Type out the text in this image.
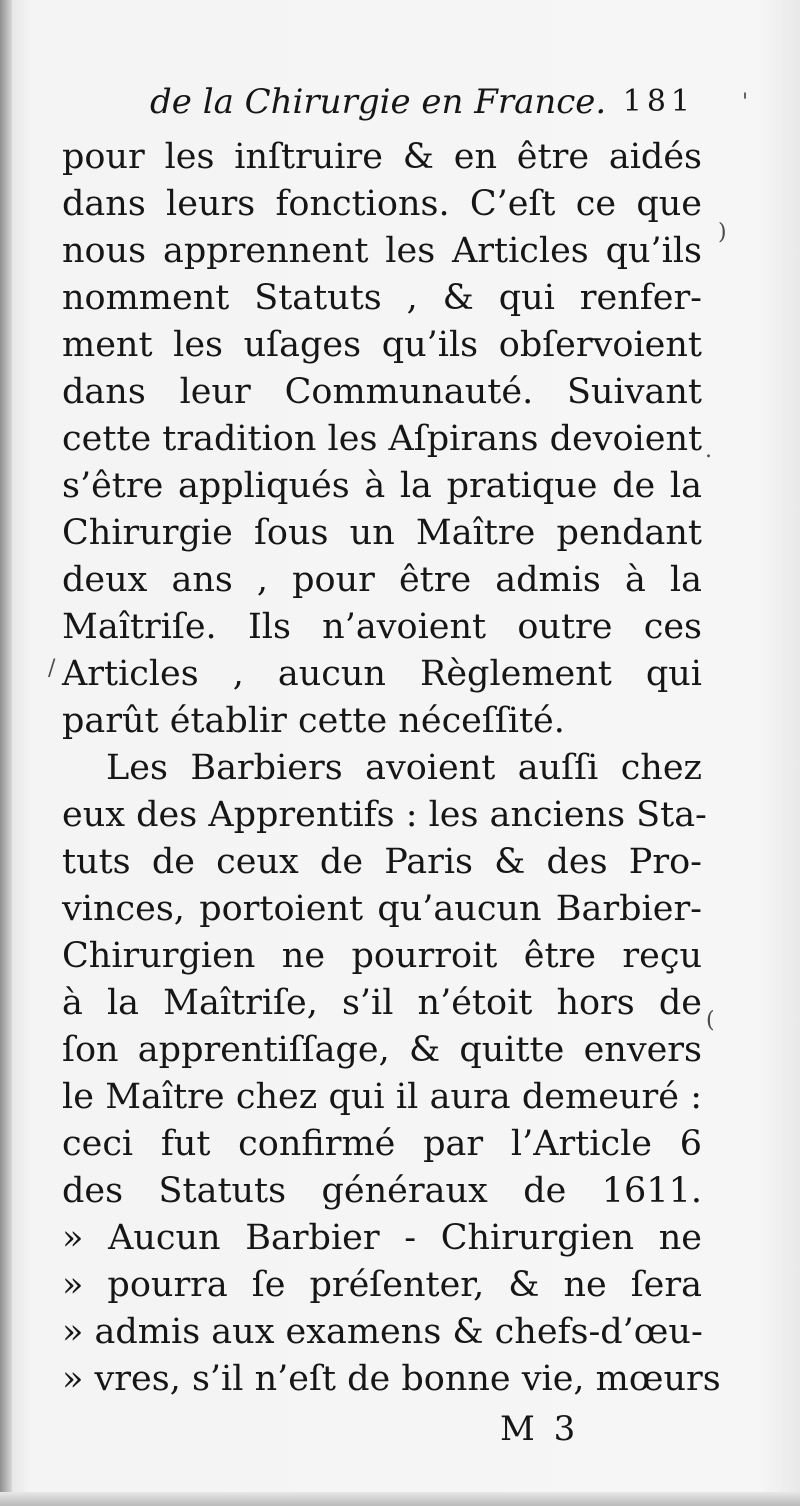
de la Chirurgie en France. 181
pour les inſtruire & en être aidés
dans leurs fonctions. C’eſt ce que
nous apprennent les Articles qu’ils
nomment Statuts , & qui renfer-
ment les uſages qu’ils obſervoient
dans leur Communauté. Suivant
cette tradition les Aſpirans devoient
s’être appliqués à la pratique de la
Chirurgie ſous un Maître pendant
deux ans , pour être admis à la
Maîtriſe. Ils n’avoient outre ces
Articles , aucun Règlement qui
parût établir cette néceſſité.
Les Barbiers avoient auſſi chez
eux des Apprentifs : les anciens Sta-
tuts de ceux de Paris & des Pro-
vinces, portoient qu’aucun Barbier-
Chirurgien ne pourroit être reçu
à la Maîtriſe, s’il n’étoit hors de
ſon apprentiſſage, & quitte envers
le Maître chez qui il aura demeuré :
ceci fut confirmé par l’Article 6
des Statuts généraux de 1611.
» Aucun Barbier - Chirurgien ne
» pourra ſe préſenter, & ne ſera
» admis aux examens & chefs-d’œu-
» vres, s’il n’eſt de bonne vie, mœurs
M 3
'
)
.
/
(
